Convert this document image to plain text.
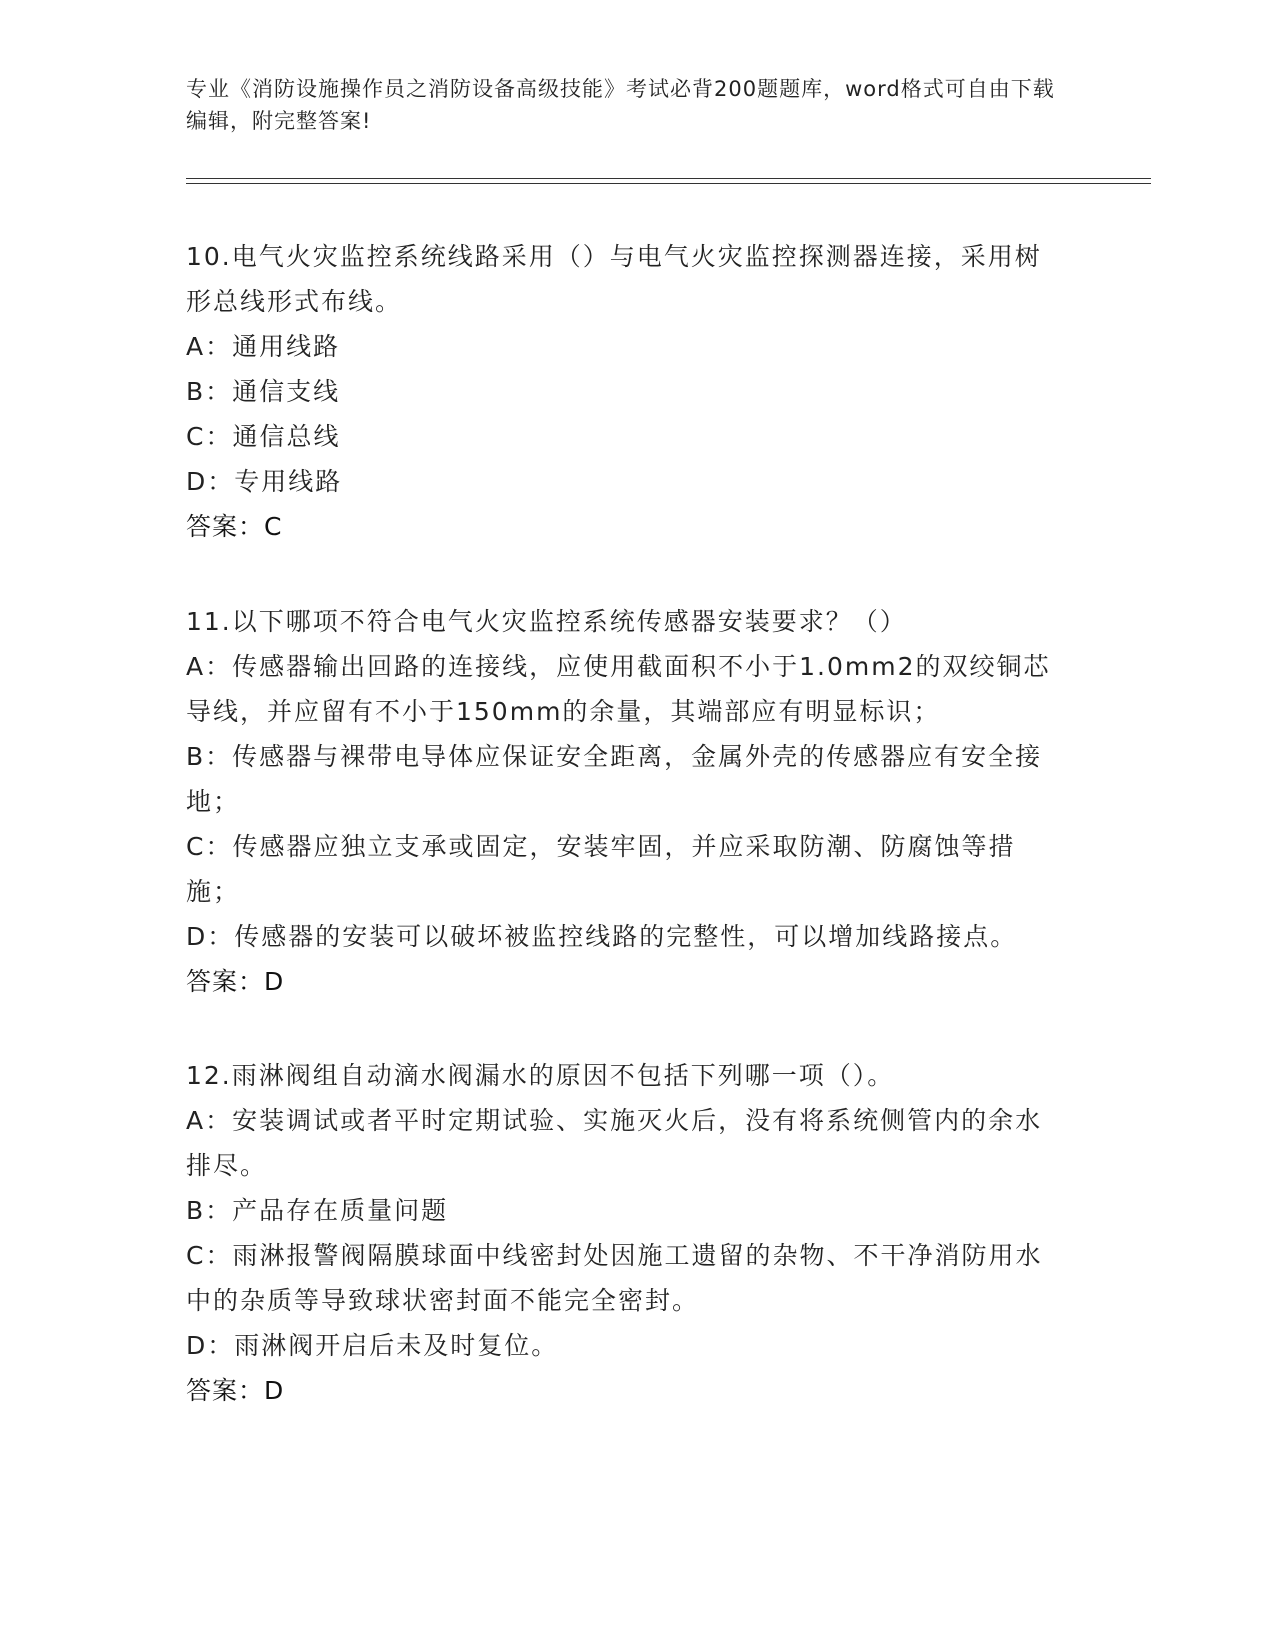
专业《消防设施操作员之消防设备高级技能》考试必背200题题库，word格式可自由下载编辑，附完整答案!
10.电气火灾监控系统线路采用（）与电气火灾监控探测器连接，采用树形总线形式布线。
A：通用线路
B：通信支线
C：通信总线
D：专用线路
答案：C
11.以下哪项不符合电气火灾监控系统传感器安装要求？（）
A：传感器输出回路的连接线，应使用截面积不小于1.0mm2的双绞铜芯导线，并应留有不小于150mm的余量，其端部应有明显标识；
B：传感器与裸带电导体应保证安全距离，金属外壳的传感器应有安全接地；
C：传感器应独立支承或固定，安装牢固，并应采取防潮、防腐蚀等措施；
D：传感器的安装可以破坏被监控线路的完整性，可以增加线路接点。
答案：D
12.雨淋阀组自动滴水阀漏水的原因不包括下列哪一项（）。
A：安装调试或者平时定期试验、实施灭火后，没有将系统侧管内的余水排尽。
B：产品存在质量问题
C：雨淋报警阀隔膜球面中线密封处因施工遗留的杂物、不干净消防用水中的杂质等导致球状密封面不能完全密封。
D：雨淋阀开启后未及时复位。
答案：D
